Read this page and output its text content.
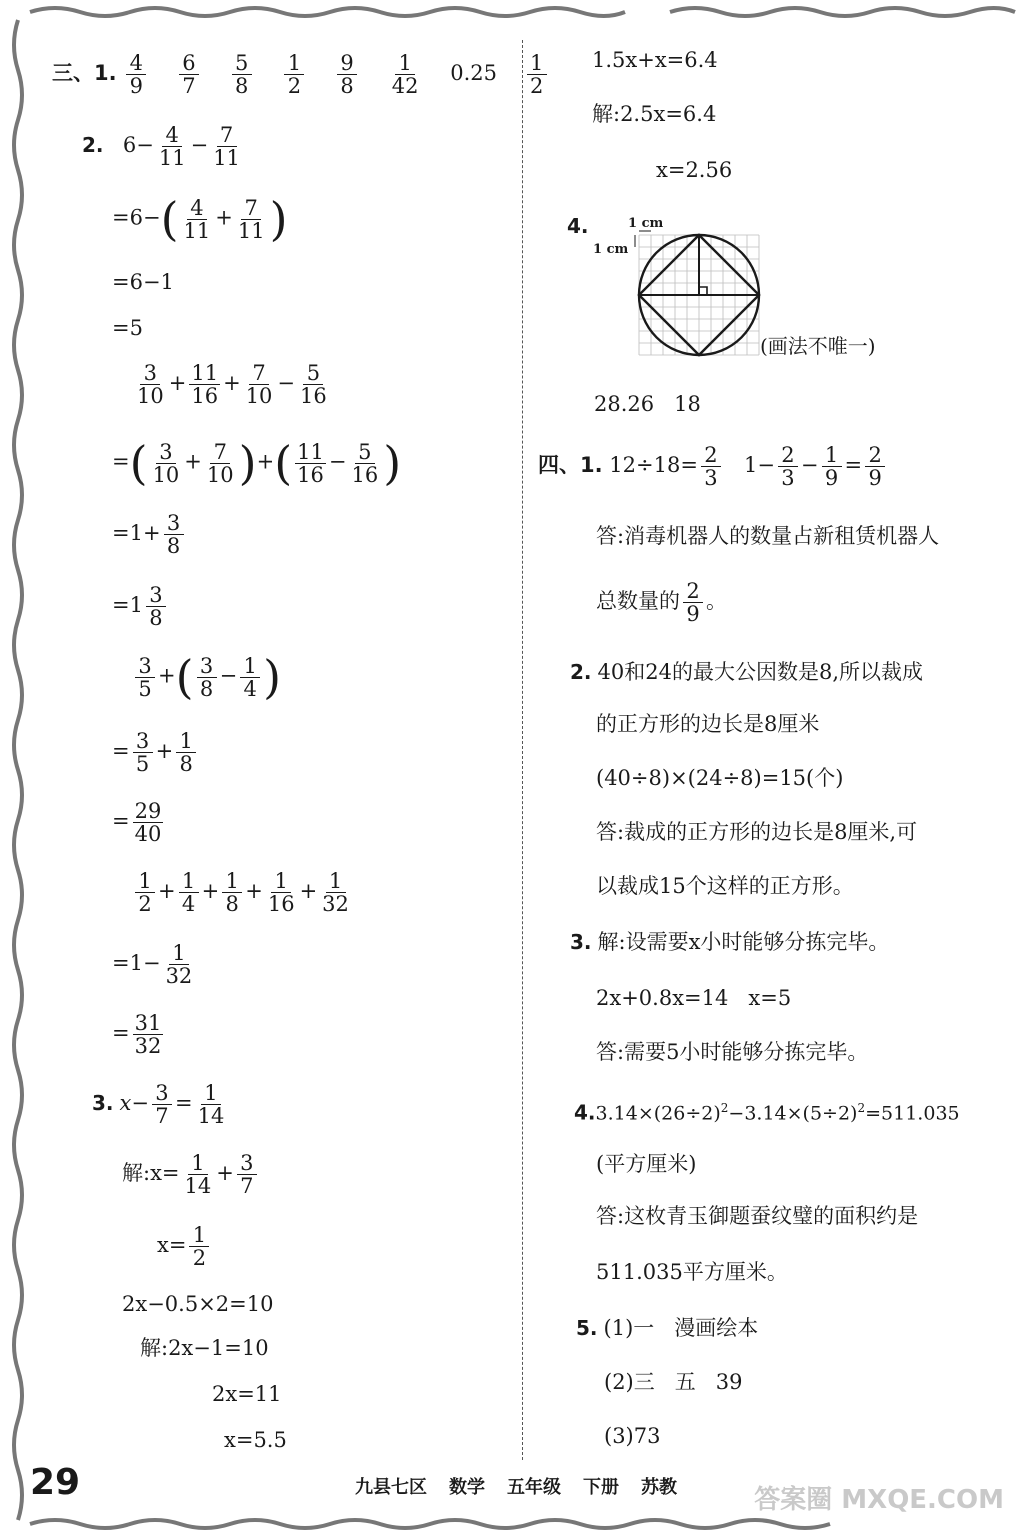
三、1. $\frac{4}{9}$
$\frac{6}{7}$
$\frac{5}{8}$
$\frac{1}{2}$
$\frac{9}{8}$
$\frac{1}{42} 0.25 \frac{1}{2}$
2. $6- \frac{4}{11} - \frac{7}{11}$
$=6-( \frac{4}{11} + \frac{7}{11}$ )
=6−1
=5
$\frac{3}{10} + \frac{11}{16} + \frac{7}{10} - \frac{5}{16}$
=( $\frac{3}{10} + \frac{7}{10}$ )+( $\frac{11}{16} - \frac{5}{16}$ )
$=1+ \frac{3}{8}$
$=1 \frac{3}{8}$
$\frac{3}{5}$ +( $\frac{3}{8} - \frac{1}{4}$ )
= $\frac{3}{5} + \frac{1}{8}$
= $\frac{29}{40}$
$\frac{1}{2} + \frac{1}{4} + \frac{1}{8} + \frac{1}{16} + \frac{1}{32}$
$=1- \frac{1}{32}$
= $\frac{31}{32}$
3. $x- \frac{3}{7} = \frac{1}{14}$
解:x= $\frac{1}{14} + \frac{3}{7}$
$x= \frac{1}{2}$
2x−0.5×2=10
解:2x−1=10
2x=11
x=5.5
1.5x+x=6.4
解:2.5x=6.4
x=2.56
4.	1 cm
1 cm
(画法不唯一)
28.26   18
四、1. $12\div 18= \frac{2}{3} 1- \frac{2}{3} - \frac{1}{9} = \frac{2}{9}$
答:消毒机器人的数量占新租赁机器人
总数量的 $\frac{2}{9}$ 。
2. 40和24的最大公因数是8,所以裁成
的正方形的边长是8厘米
(40÷8)×(24÷8)=15(个)
答:裁成的正方形的边长是8厘米,可
以裁成15个这样的正方形。
3. 解:设需要x小时能够分拣完毕。
2x+0.8x=14   x=5
答:需要5小时能够分拣完毕。
$4.3.14\times(26\div 2)^2-3.14\times(5\div 2)^2=511.035$
(平方厘米)
答:这枚青玉御题蚕纹璧的面积约是
511.035平方厘米。
5. (1)一   漫画绘本
(2)三   五   39
(3)73
29	九县七区 数学 五年级 下册 苏教	答案圈 MXQE.COM
